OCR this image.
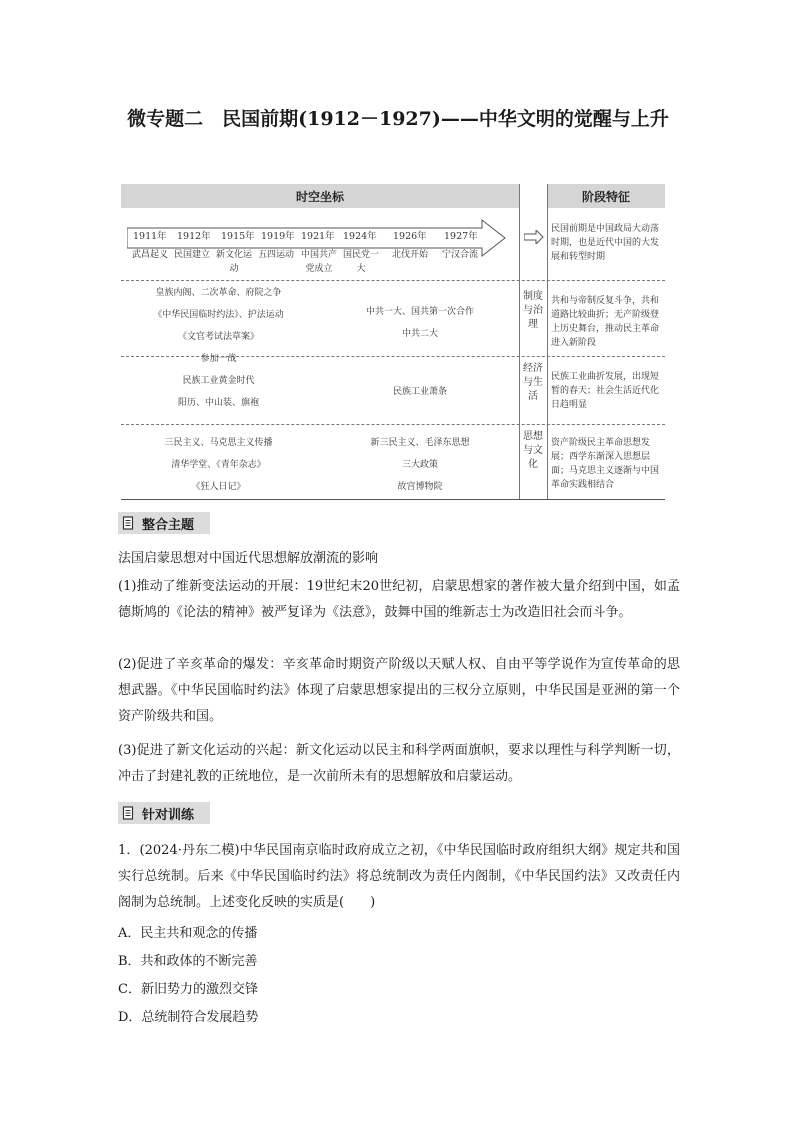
微专题二　民国前期(1912－1927)——中华文明的觉醒与上升
时空坐标	阶段特征
1911年 1912年 1915年 1919年 1921年 1924年 1926年 1927年
武昌起义 民国建立 新文化运动
五四运动 中国共产党成立
国民党一大
北伐开始 宁汉合流
民国前期是中国政局大动荡时期，也是近代中国的大发展和转型时期
皇族内阁、二次革命、府院之争
《中华民国临时约法》、护法运动
《文官考试法草案》
参加一战
中共一大、国共第一次合作
中共二大
制度与治理
共和与帝制反复斗争，共和道路比较曲折；无产阶级登上历史舞台，推动民主革命进入新阶段
民族工业黄金时代
阳历、中山装、旗袍
民族工业萧条
经济与生活
民族工业曲折发展，出现短暂的春天；社会生活近代化日趋明显
三民主义、马克思主义传播
清华学堂、《青年杂志》
《狂人日记》
新三民主义、毛泽东思想
三大政策
故宫博物院
思想与文化
资产阶级民主革命思想发展；西学东渐深入思想层面；马克思主义逐渐与中国革命实践相结合
整合主题
法国启蒙思想对中国近代思想解放潮流的影响
(1)推动了维新变法运动的开展：19世纪末20世纪初，启蒙思想家的著作被大量介绍到中国，如孟德斯鸠的《论法的精神》被严复译为《法意》，鼓舞中国的维新志士为改造旧社会而斗争。
(2)促进了辛亥革命的爆发：辛亥革命时期资产阶级以天赋人权、自由平等学说作为宣传革命的思想武器。《中华民国临时约法》体现了启蒙思想家提出的三权分立原则，中华民国是亚洲的第一个资产阶级共和国。
(3)促进了新文化运动的兴起：新文化运动以民主和科学两面旗帜，要求以理性与科学判断一切，冲击了封建礼教的正统地位，是一次前所未有的思想解放和启蒙运动。
针对训练
1．(2024·丹东二模)中华民国南京临时政府成立之初，《中华民国临时政府组织大纲》规定共和国实行总统制。后来《中华民国临时约法》将总统制改为责任内阁制，《中华民国约法》又改责任内阁制为总统制。上述变化反映的实质是(　　)
A．民主共和观念的传播
B．共和政体的不断完善
C．新旧势力的激烈交锋
D．总统制符合发展趋势
